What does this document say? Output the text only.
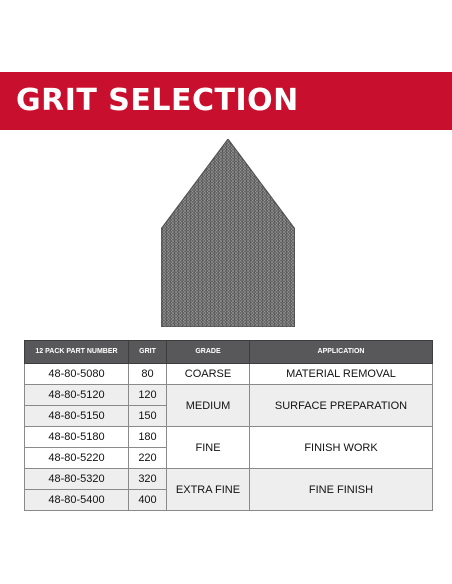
GRIT SELECTION
12 PACK PART NUMBER	GRIT	GRADE	APPLICATION
48-80-5080	80	COARSE	MATERIAL REMOVAL
48-80-5120	120	MEDIUM	SURFACE PREPARATION
48-80-5150	150		
48-80-5180	180	FINE	FINISH WORK
48-80-5220	220		
48-80-5320	320	EXTRA FINE	FINE FINISH
48-80-5400	400		
